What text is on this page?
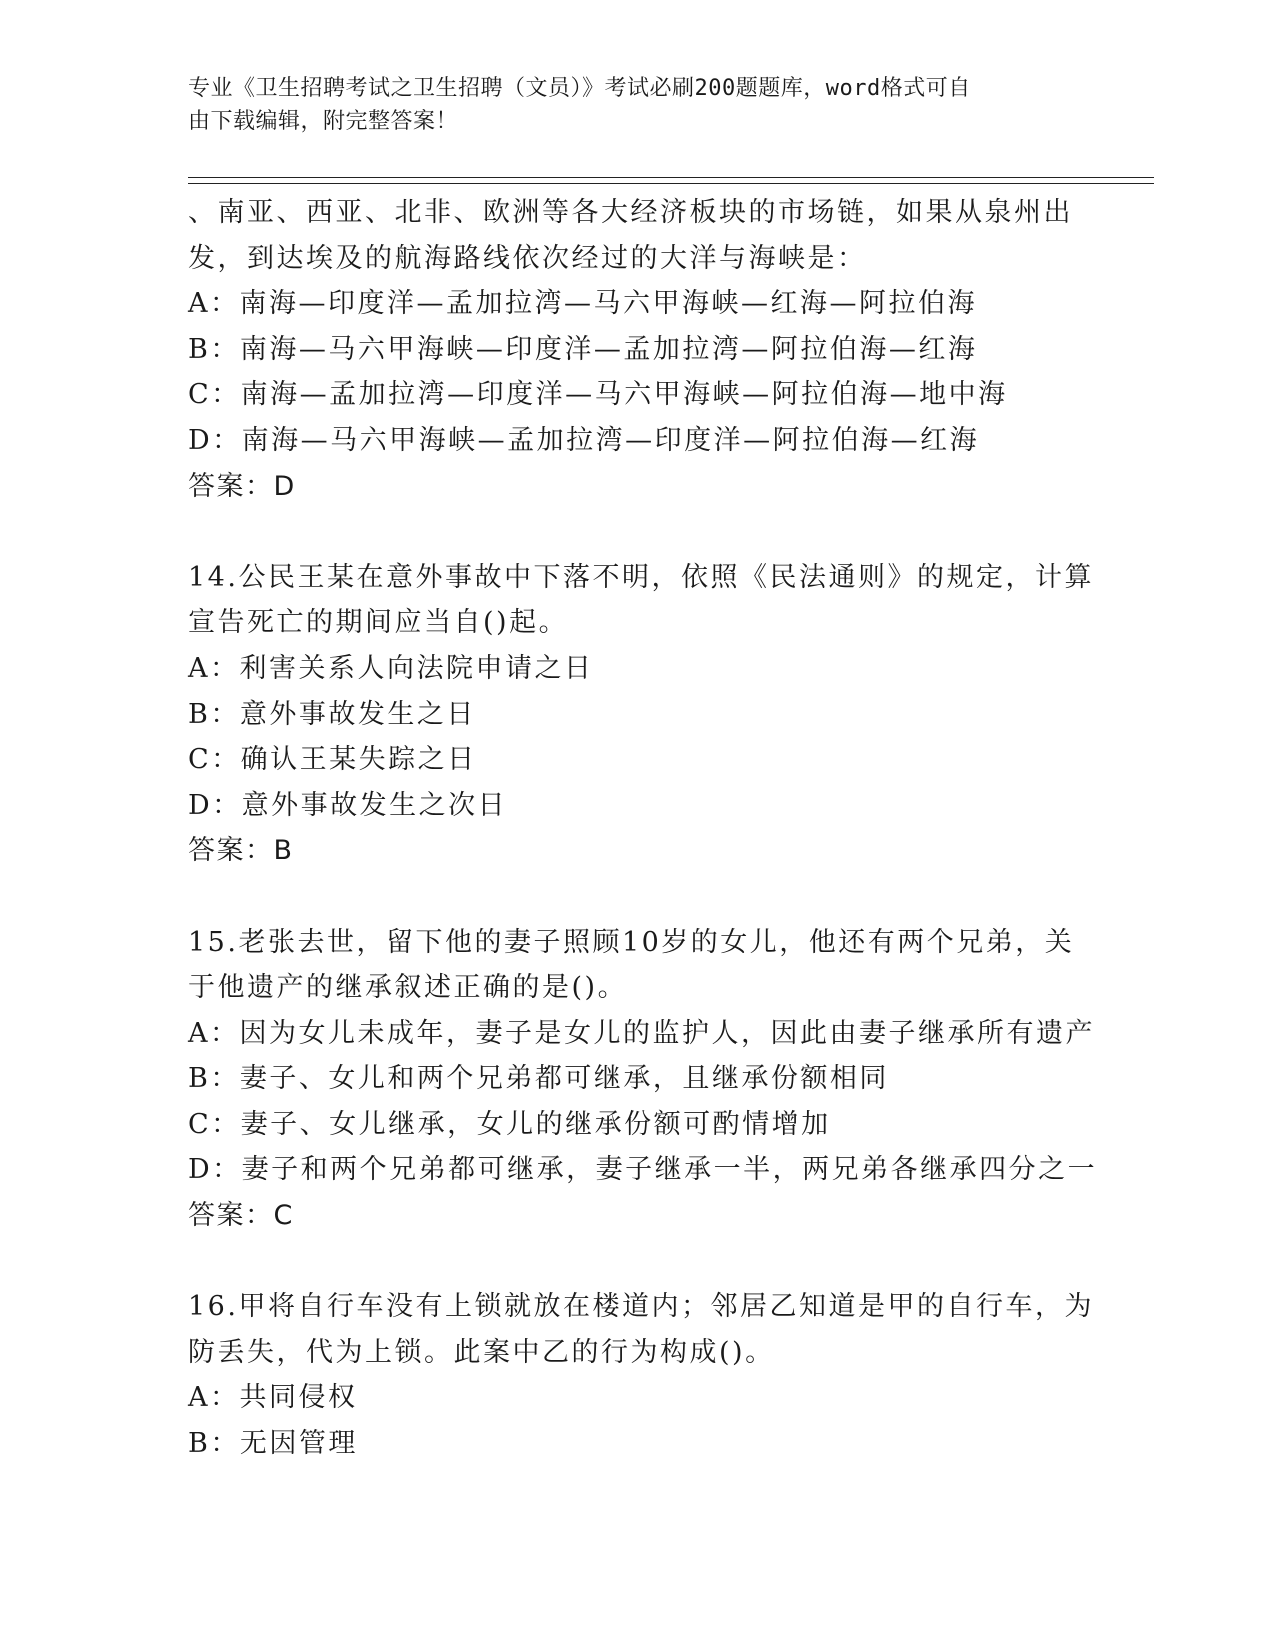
专业《卫生招聘考试之卫生招聘（文员）》考试必刷200题题库，word格式可自
由下载编辑，附完整答案！
、南亚、西亚、北非、欧洲等各大经济板块的市场链，如果从泉州出
发，到达埃及的航海路线依次经过的大洋与海峡是：
A：南海—印度洋—孟加拉湾—马六甲海峡—红海—阿拉伯海
B：南海—马六甲海峡—印度洋—孟加拉湾—阿拉伯海—红海
C：南海—孟加拉湾—印度洋—马六甲海峡—阿拉伯海—地中海
D：南海—马六甲海峡—孟加拉湾—印度洋—阿拉伯海—红海
答案：D
14.公民王某在意外事故中下落不明，依照《民法通则》的规定，计算
宣告死亡的期间应当自()起。
A：利害关系人向法院申请之日
B：意外事故发生之日
C：确认王某失踪之日
D：意外事故发生之次日
答案：B
15.老张去世，留下他的妻子照顾10岁的女儿，他还有两个兄弟，关
于他遗产的继承叙述正确的是()。
A：因为女儿未成年，妻子是女儿的监护人，因此由妻子继承所有遗产
B：妻子、女儿和两个兄弟都可继承，且继承份额相同
C：妻子、女儿继承，女儿的继承份额可酌情增加
D：妻子和两个兄弟都可继承，妻子继承一半，两兄弟各继承四分之一
答案：C
16.甲将自行车没有上锁就放在楼道内；邻居乙知道是甲的自行车，为
防丢失，代为上锁。此案中乙的行为构成()。
A：共同侵权
B：无因管理
